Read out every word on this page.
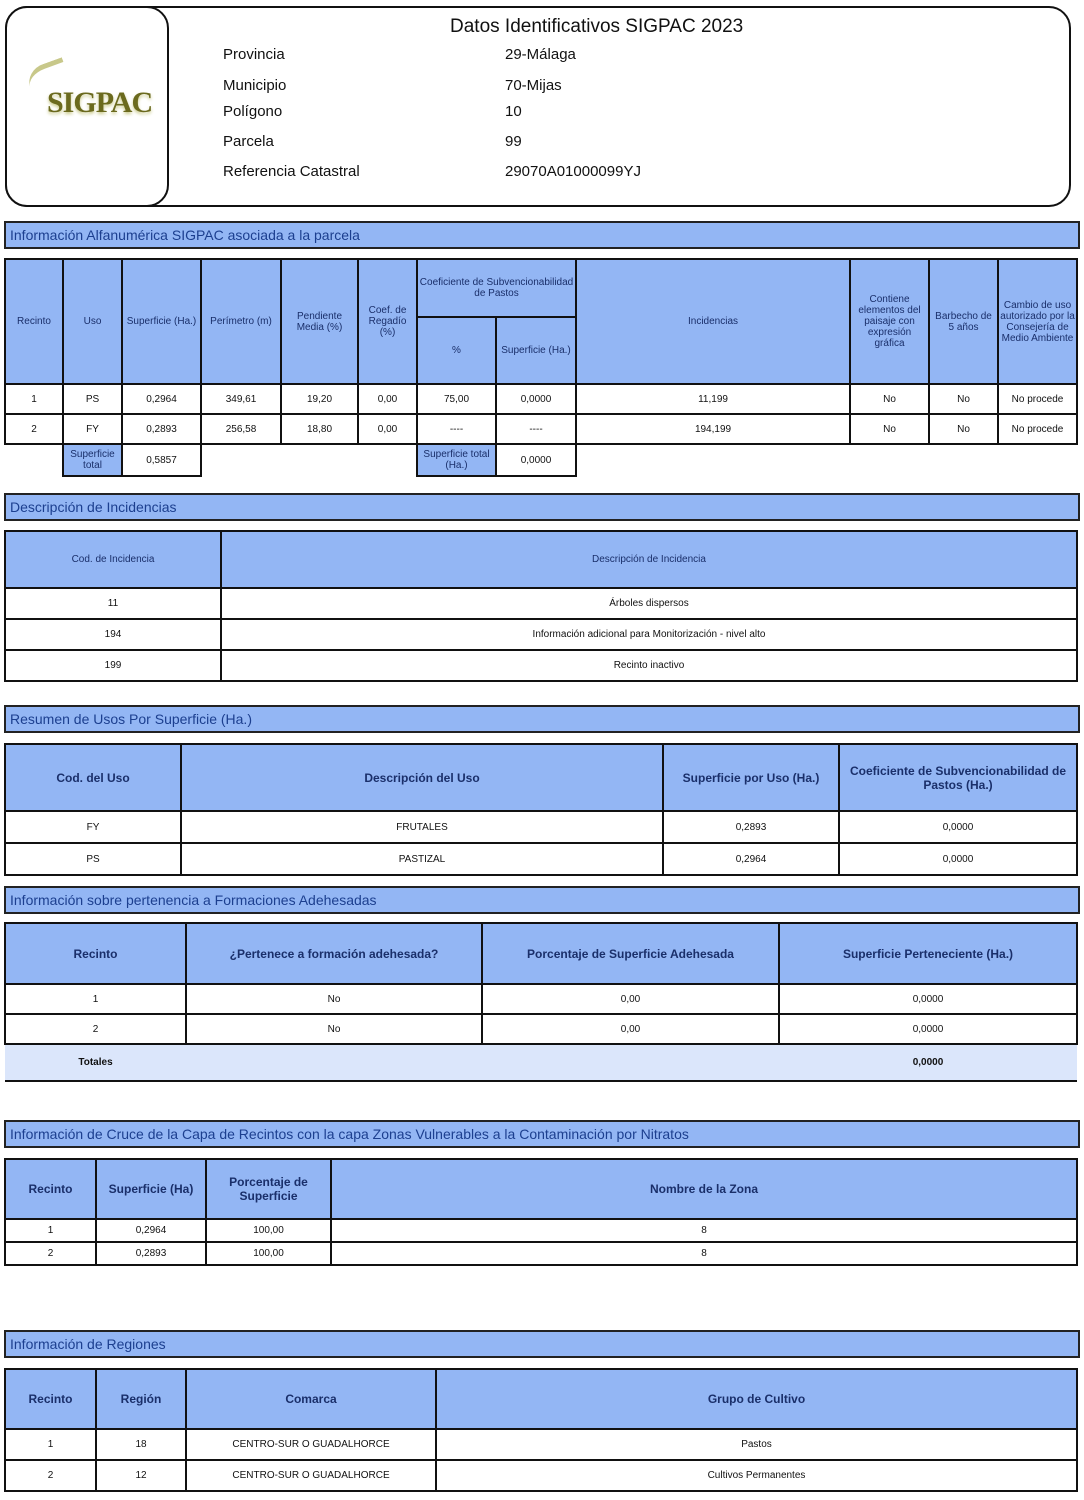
SIGPAC
Datos Identificativos SIGPAC 2023
Provincia	29-Málaga
Municipio	70-Mijas
Polígono	10
Parcela	99
Referencia Catastral	29070A01000099YJ
Información Alfanumérica SIGPAC asociada a la parcela
Recinto	Uso	Superficie (Ha.)	Perímetro (m)	Pendiente Media (%)	Coef. de Regadío (%)	Coeficiente de Subvencionabilidad de Pastos		Incidencias	Contiene elementos del paisaje con expresión gráfica	Barbecho de 5 años	Cambio de uso autorizado por la Consejería de Medio Ambiente
						%	Superficie (Ha.)				
1	PS	0,2964	349,61	19,20	0,00	75,00	0,0000	11,199	No	No	No procede
2	FY	0,2893	256,58	18,80	0,00	----	----	194,199	No	No	No procede
	Superficie total	0,5857				Superficie total (Ha.)	0,0000				
Descripción de Incidencias
Cod. de Incidencia	Descripción de Incidencia
11	Árboles dispersos
194	Información adicional para Monitorización - nivel alto
199	Recinto inactivo
Resumen de Usos Por Superficie (Ha.)
Cod. del Uso	Descripción del Uso	Superficie por Uso (Ha.)	Coeficiente de Subvencionabilidad de Pastos (Ha.)
FY	FRUTALES	0,2893	0,0000
PS	PASTIZAL	0,2964	0,0000
Información sobre pertenencia a Formaciones Adehesadas
Recinto	¿Pertenece a formación adehesada?	Porcentaje de Superficie Adehesada	Superficie Perteneciente (Ha.)
1	No	0,00	0,0000
2	No	0,00	0,0000
Totales			0,0000
Información de Cruce de la Capa de Recintos con la capa Zonas Vulnerables a la Contaminación por Nitratos
Recinto	Superficie (Ha)	Porcentaje de Superficie	Nombre de la Zona
1	0,2964	100,00	8
2	0,2893	100,00	8
Información de Regiones
Recinto	Región	Comarca	Grupo de Cultivo
1	18	CENTRO-SUR O GUADALHORCE	Pastos
2	12	CENTRO-SUR O GUADALHORCE	Cultivos Permanentes
